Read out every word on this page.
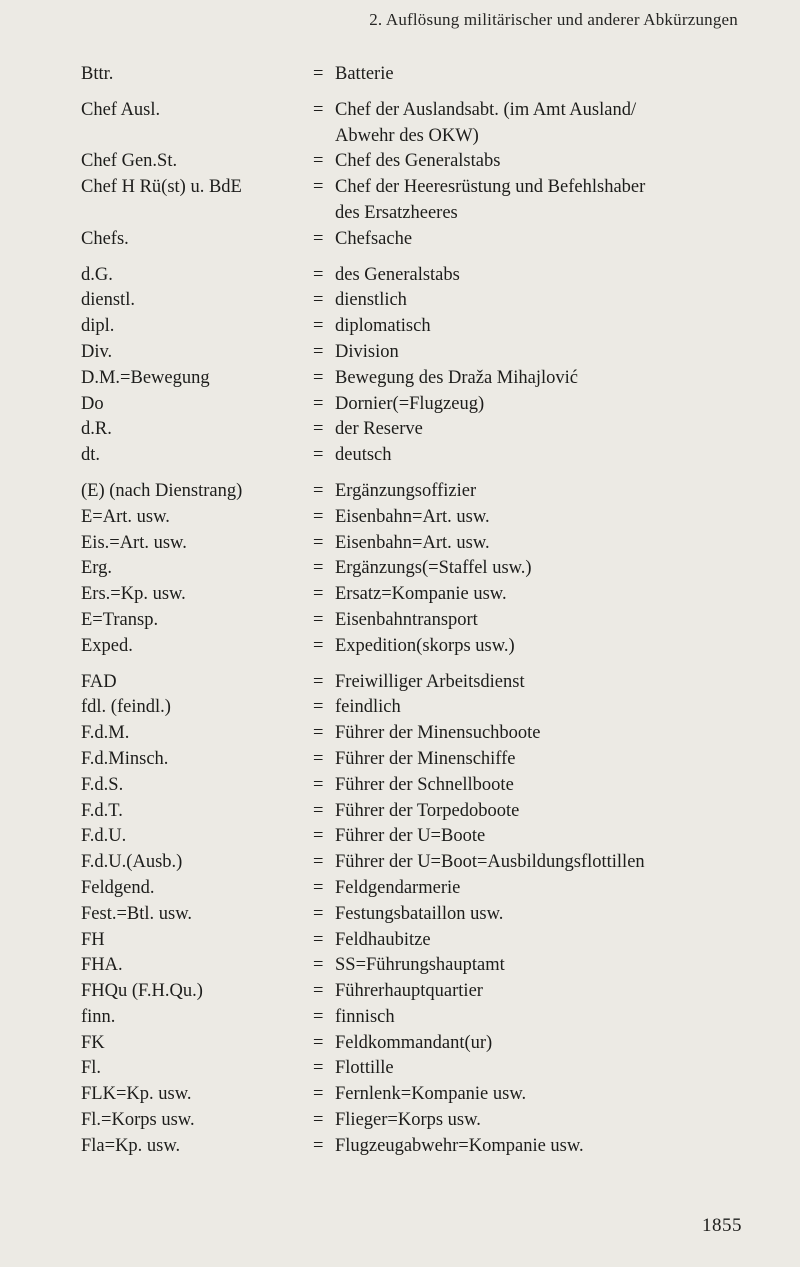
2. Auflösung militärischer und anderer Abkürzungen
Bttr.	= Batterie
Chef Ausl.	= Chef der Auslandsabt. (im Amt Ausland/
Abwehr des OKW)
Chef Gen.St.	= Chef des Generalstabs
Chef H Rü(st) u. BdE	= Chef der Heeresrüstung und Befehlshaber
des Ersatzheeres
Chefs.	= Chefsache
d.G.	= des Generalstabs
dienstl.	= dienstlich
dipl.	= diplomatisch
Div.	= Division
D.M.=Bewegung	= Bewegung des Draža Mihajlović
Do	= Dornier(=Flugzeug)
d.R.	= der Reserve
dt.	= deutsch
(E) (nach Dienstrang)	= Ergänzungsoffizier
E=Art. usw.	= Eisenbahn=Art. usw.
Eis.=Art. usw.	= Eisenbahn=Art. usw.
Erg.	= Ergänzungs(=Staffel usw.)
Ers.=Kp. usw.	= Ersatz=Kompanie usw.
E=Transp.	= Eisenbahntransport
Exped.	= Expedition(skorps usw.)
FAD	= Freiwilliger Arbeitsdienst
fdl. (feindl.)	= feindlich
F.d.M.	= Führer der Minensuchboote
F.d.Minsch.	= Führer der Minenschiffe
F.d.S.	= Führer der Schnellboote
F.d.T.	= Führer der Torpedoboote
F.d.U.	= Führer der U=Boote
F.d.U.(Ausb.)	= Führer der U=Boot=Ausbildungsflottillen
Feldgend.	= Feldgendarmerie
Fest.=Btl. usw.	= Festungsbataillon usw.
FH	= Feldhaubitze
FHA.	= SS=Führungshauptamt
FHQu (F.H.Qu.)	= Führerhauptquartier
finn.	= finnisch
FK	= Feldkommandant(ur)
Fl.	= Flottille
FLK=Kp. usw.	= Fernlenk=Kompanie usw.
Fl.=Korps usw.	= Flieger=Korps usw.
Fla=Kp. usw.	= Flugzeugabwehr=Kompanie usw.
1855
